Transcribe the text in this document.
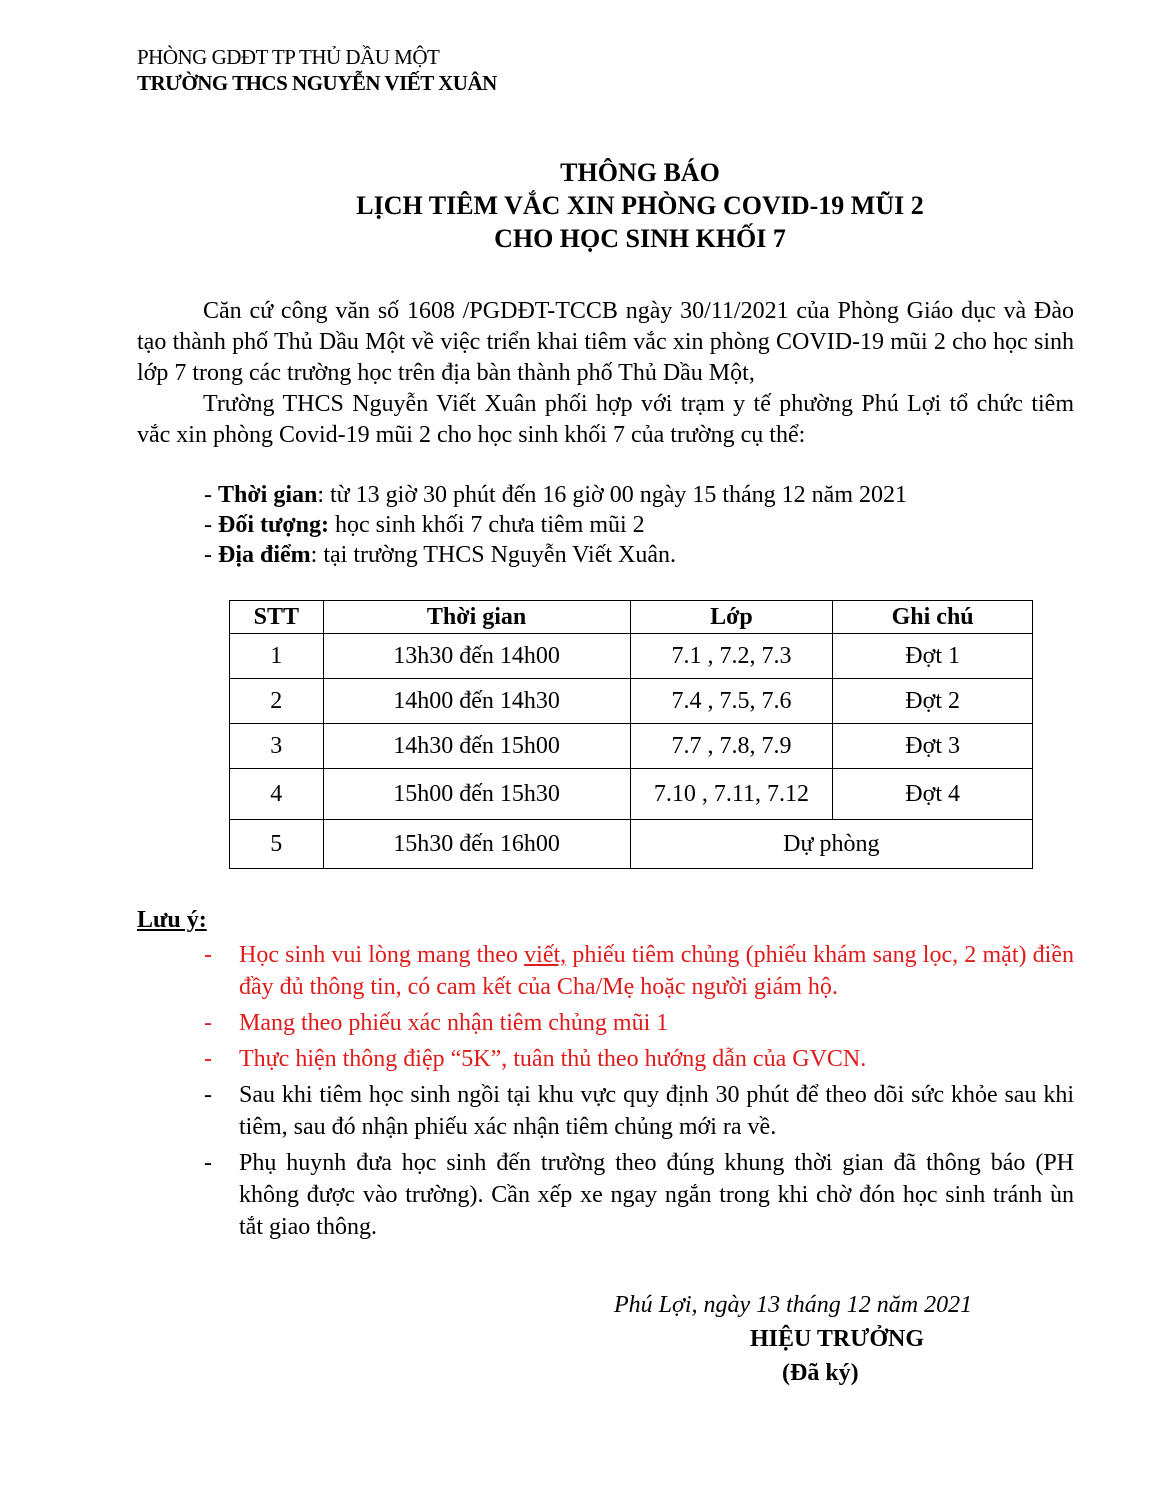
PHÒNG GDĐT TP THỦ DẦU MỘT
TRƯỜNG THCS NGUYỄN VIẾT XUÂN
THÔNG BÁO
LỊCH TIÊM VẮC XIN PHÒNG COVID-19 MŨI 2
CHO HỌC SINH KHỐI 7

Căn cứ công văn số 1608 /PGDĐT-TCCB ngày 30/11/2021 của Phòng Giáo dục và Đào tạo thành phố Thủ Dầu Một về việc triển khai tiêm vắc xin phòng COVID-19 mũi 2 cho học sinh lớp 7 trong các trường học trên địa bàn thành phố Thủ Dầu Một,

Trường THCS Nguyễn Viết Xuân phối hợp với trạm y tế phường Phú Lợi tổ chức tiêm vắc xin phòng Covid-19 mũi 2 cho học sinh khối 7 của trường cụ thể:

- Thời gian: từ 13 giờ 30 phút đến 16 giờ 00 ngày 15 tháng 12 năm 2021
- Đối tượng: học sinh khối 7 chưa tiêm mũi 2
- Địa điểm: tại trường THCS Nguyễn Viết Xuân.
STT	Thời gian	Lớp	Ghi chú
1	13h30 đến 14h00	7.1 , 7.2, 7.3	Đợt 1
2	14h00 đến 14h30	7.4 , 7.5, 7.6	Đợt 2
3	14h30 đến 15h00	7.7 , 7.8, 7.9	Đợt 3
4	15h00 đến 15h30	7.10 , 7.11, 7.12	Đợt 4
5	15h30 đến 16h00	Dự phòng	
Lưu ý:
-	Học sinh vui lòng mang theo viết, phiếu tiêm chủng (phiếu khám sang lọc, 2 mặt) điền đầy đủ thông tin, có cam kết của Cha/Mẹ hoặc người giám hộ.
-	Mang theo phiếu xác nhận tiêm chủng mũi 1
-	Thực hiện thông điệp “5K”, tuân thủ theo hướng dẫn của GVCN.
-	Sau khi tiêm học sinh ngồi tại khu vực quy định 30 phút để theo dõi sức khỏe sau khi tiêm, sau đó nhận phiếu xác nhận tiêm chủng mới ra về.
-	Phụ huynh đưa học sinh đến trường theo đúng khung thời gian đã thông báo (PH không được vào trường). Cần xếp xe ngay ngắn trong khi chờ đón học sinh tránh ùn tắt giao thông.
Phú Lợi, ngày 13 tháng 12 năm 2021
HIỆU TRƯỞNG
(Đã ký)
